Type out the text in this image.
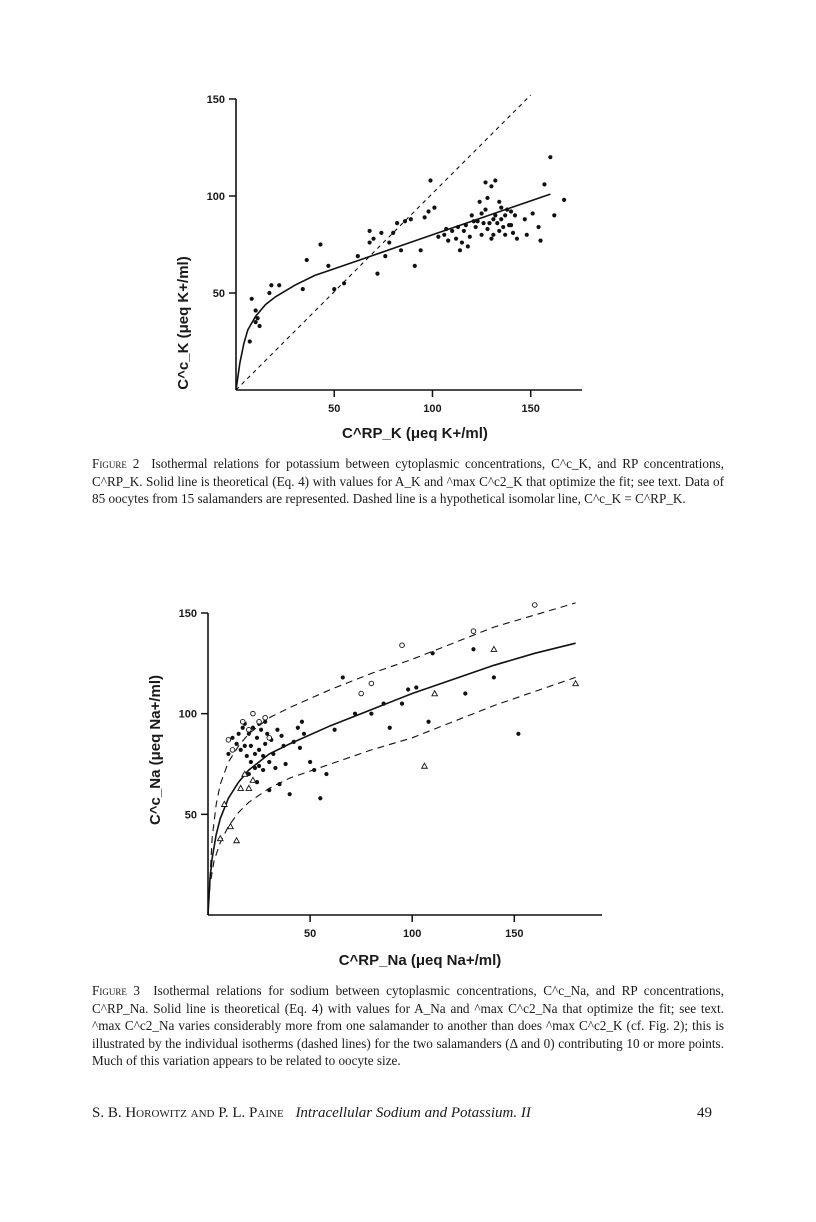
50
100
150
50	100	150
C^c_K (μeq K+/ml)
C^RP_K (μeq K+/ml)
Figure 2 Isothermal relations for potassium between cytoplasmic concentrations, C^c_K, and RP concentrations, C^RP_K. Solid line is theoretical (Eq. 4) with values for A_K and ^max C^c2_K that optimize the fit; see text. Data of 85 oocytes from 15 salamanders are represented. Dashed line is a hypothetical isomolar line, C^c_K = C^RP_K.
50
100
150
50	100	150
C^c_Na (μeq Na+/ml)
C^RP_Na (μeq Na+/ml)
Figure 3 Isothermal relations for sodium between cytoplasmic concentrations, C^c_Na, and RP concentrations, C^RP_Na. Solid line is theoretical (Eq. 4) with values for A_Na and ^max C^c2_Na that optimize the fit; see text. ^max C^c2_Na varies considerably more from one salamander to another than does ^max C^c2_K (cf. Fig. 2); this is illustrated by the individual isotherms (dashed lines) for the two salamanders (Δ and 0) contributing 10 or more points. Much of this variation appears to be related to oocyte size.
S. B. Horowitz and P. L. Paine Intracellular Sodium and Potassium. II	49
